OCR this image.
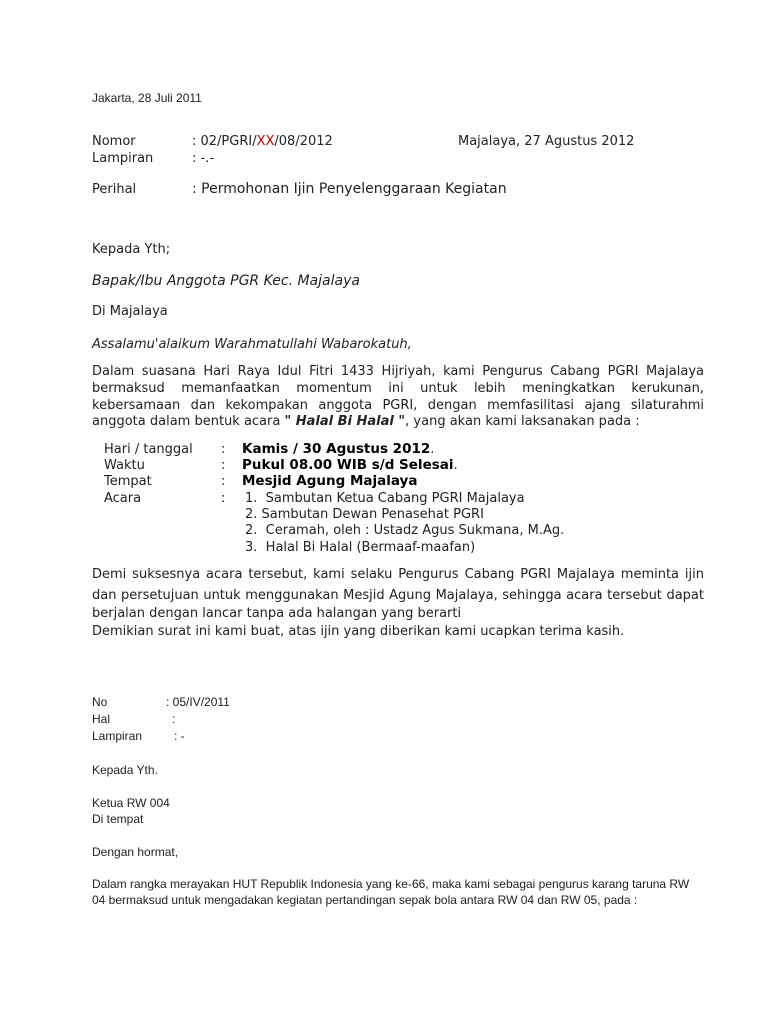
Jakarta, 28 Juli 2011
Nomor	: 02/PGRI/XX/08/2012	Majalaya, 27 Agustus 2012
Lampiran	: -.-
Perihal	: Permohonan Ijin Penyelenggaraan Kegiatan
Kepada Yth;
Bapak/Ibu Anggota PGR Kec. Majalaya
Di Majalaya
Assalamu'alaikum Warahmatullahi Wabarokatuh,
Dalam suasana Hari Raya Idul Fitri 1433 Hijriyah, kami Pengurus Cabang PGRI Majalaya
bermaksud memanfaatkan momentum ini untuk lebih meningkatkan kerukunan,
kebersamaan dan kekompakan anggota PGRI, dengan memfasilitasi ajang silaturahmi
anggota dalam bentuk acara " Halal Bi Halal ", yang akan kami laksanakan pada :
Hari / tanggal : Kamis / 30 Agustus 2012.
Waktu	: Pukul 08.00 WIB s/d Selesai.
Tempat	: Mesjid Agung Majalaya
Acara	: 1. Sambutan Ketua Cabang PGRI Majalaya
2. Sambutan Dewan Penasehat PGRI
2. Ceramah, oleh : Ustadz Agus Sukmana, M.Ag.
3. Halal Bi Halal (Bermaaf-maafan)
Demi suksesnya acara tersebut, kami selaku Pengurus Cabang PGRI Majalaya meminta ijin
dan persetujuan untuk menggunakan Mesjid Agung Majalaya, sehingga acara tersebut dapat
berjalan dengan lancar tanpa ada halangan yang berarti
Demikian surat ini kami buat, atas ijin yang diberikan kami ucapkan terima kasih.
No	: 05/IV/2011
Hal	:
Lampiran	: -
Kepada Yth.
Ketua RW 004
Di tempat
Dengan hormat,
Dalam rangka merayakan HUT Republik Indonesia yang ke-66, maka kami sebagai pengurus karang taruna RW
04 bermaksud untuk mengadakan kegiatan pertandingan sepak bola antara RW 04 dan RW 05, pada :
